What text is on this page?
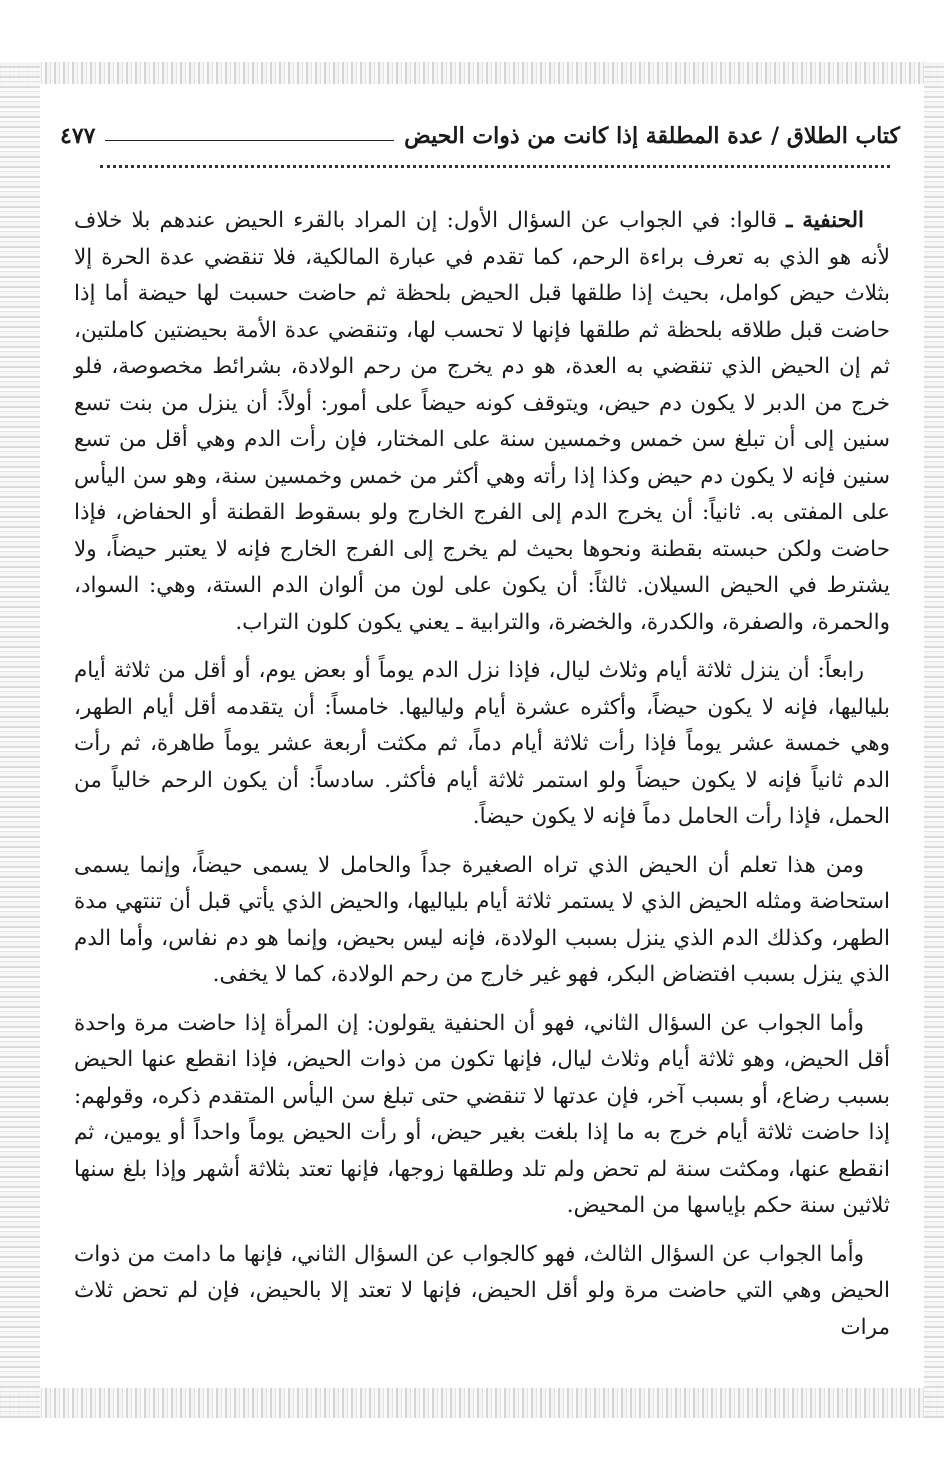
كتاب الطلاق / عدة المطلقة إذا كانت من ذوات الحيض
٤٧٧

الحنفية ـ قالوا: في الجواب عن السؤال الأول: إن المراد بالقرء الحيض عندهم بلا خلاف لأنه هو الذي به تعرف براءة الرحم، كما تقدم في عبارة المالكية، فلا تنقضي عدة الحرة إلا بثلاث حيض كوامل، بحيث إذا طلقها قبل الحيض بلحظة ثم حاضت حسبت لها حيضة أما إذا حاضت قبل طلاقه بلحظة ثم طلقها فإنها لا تحسب لها، وتنقضي عدة الأمة بحيضتين كاملتين، ثم إن الحيض الذي تنقضي به العدة، هو دم يخرج من رحم الولادة، بشرائط مخصوصة، فلو خرج من الدبر لا يكون دم حيض، ويتوقف كونه حيضاً على أمور: أولاً: أن ينزل من بنت تسع سنين إلى أن تبلغ سن خمس وخمسين سنة على المختار، فإن رأت الدم وهي أقل من تسع سنين فإنه لا يكون دم حيض وكذا إذا رأته وهي أكثر من خمس وخمسين سنة، وهو سن اليأس على المفتى به. ثانياً: أن يخرج الدم إلى الفرج الخارج ولو بسقوط القطنة أو الحفاض، فإذا حاضت ولكن حبسته بقطنة ونحوها بحيث لم يخرج إلى الفرج الخارج فإنه لا يعتبر حيضاً، ولا يشترط في الحيض السيلان. ثالثاً: أن يكون على لون من ألوان الدم الستة، وهي: السواد، والحمرة، والصفرة، والكدرة، والخضرة، والترابية ـ يعني يكون كلون التراب.

رابعاً: أن ينزل ثلاثة أيام وثلاث ليال، فإذا نزل الدم يوماً أو بعض يوم، أو أقل من ثلاثة أيام بلياليها، فإنه لا يكون حيضاً، وأكثره عشرة أيام ولياليها. خامساً: أن يتقدمه أقل أيام الطهر، وهي خمسة عشر يوماً فإذا رأت ثلاثة أيام دماً، ثم مكثت أربعة عشر يوماً طاهرة، ثم رأت الدم ثانياً فإنه لا يكون حيضاً ولو استمر ثلاثة أيام فأكثر. سادساً: أن يكون الرحم خالياً من الحمل، فإذا رأت الحامل دماً فإنه لا يكون حيضاً.

ومن هذا تعلم أن الحيض الذي تراه الصغيرة جداً والحامل لا يسمى حيضاً، وإنما يسمى استحاضة ومثله الحيض الذي لا يستمر ثلاثة أيام بلياليها، والحيض الذي يأتي قبل أن تنتهي مدة الطهر، وكذلك الدم الذي ينزل بسبب الولادة، فإنه ليس بحيض، وإنما هو دم نفاس، وأما الدم الذي ينزل بسبب افتضاض البكر، فهو غير خارج من رحم الولادة، كما لا يخفى.

وأما الجواب عن السؤال الثاني، فهو أن الحنفية يقولون: إن المرأة إذا حاضت مرة واحدة أقل الحيض، وهو ثلاثة أيام وثلاث ليال، فإنها تكون من ذوات الحيض، فإذا انقطع عنها الحيض بسبب رضاع، أو بسبب آخر، فإن عدتها لا تنقضي حتى تبلغ سن اليأس المتقدم ذكره، وقولهم: إذا حاضت ثلاثة أيام خرج به ما إذا بلغت بغير حيض، أو رأت الحيض يوماً واحداً أو يومين، ثم انقطع عنها، ومكثت سنة لم تحض ولم تلد وطلقها زوجها، فإنها تعتد بثلاثة أشهر وإذا بلغ سنها ثلاثين سنة حكم بإياسها من المحيض.

وأما الجواب عن السؤال الثالث، فهو كالجواب عن السؤال الثاني، فإنها ما دامت من ذوات الحيض وهي التي حاضت مرة ولو أقل الحيض، فإنها لا تعتد إلا بالحيض، فإن لم تحض ثلاث مرات
